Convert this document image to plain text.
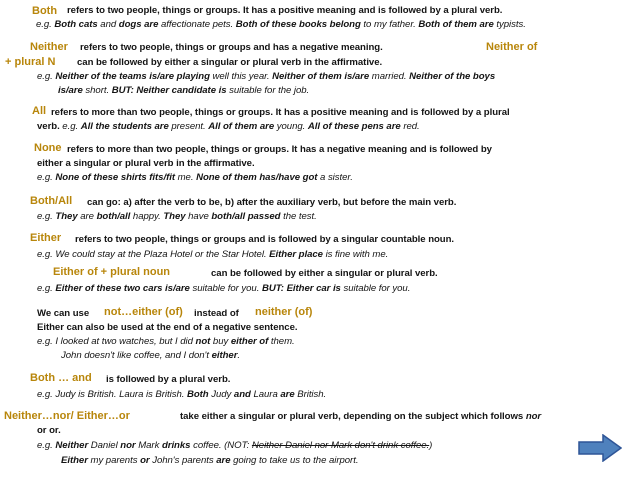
Both refers to two people, things or groups. It has a positive meaning and is followed by a plural verb.
e.g. Both cats and dogs are affectionate pets. Both of these books belong to my father. Both of them are typists.
Neither refers to two people, things or groups and has a negative meaning.	Neither of
+ plural N can be followed by either a singular or plural verb in the affirmative.
e.g. Neither of the teams is/are playing well this year. Neither of them is/are married. Neither of the boys
is/are short. BUT: Neither candidate is suitable for the job.
All refers to more than two people, things or groups. It has a positive meaning and is followed by a plural
verb. e.g. All the students are present. All of them are young. All of these pens are red.
None refers to more than two people, things or groups. It has a negative meaning and is followed by
either a singular or plural verb in the affirmative.
e.g. None of these shirts fits/fit me. None of them has/have got a sister.
Both/All can go: a) after the verb to be, b) after the auxiliary verb, but before the main verb.
e.g. They are both/all happy. They have both/all passed the test.
Either refers to two people, things or groups and is followed by a singular countable noun.
e.g. We could stay at the Plaza Hotel or the Star Hotel. Either place is fine with me.
Either of + plural noun	can be followed by either a singular or plural verb.
e.g. Either of these two cars is/are suitable for you. BUT: Either car is suitable for you.
We can use not…either (of) instead of neither (of)
Either can also be used at the end of a negative sentence.
e.g. I looked at two watches, but I did not buy either of them.
John doesn't like coffee, and I don't either.
Both … and is followed by a plural verb.
e.g. Judy is British. Laura is British. Both Judy and Laura are British.
Neither…nor/ Either…or	take either a singular or plural verb, depending on the subject which follows nor
or or.
e.g. Neither Daniel nor Mark drinks coffee. (NOT: Neither Daniel nor Mark don't drink coffee.)
Either my parents or John's parents are going to take us to the airport.
